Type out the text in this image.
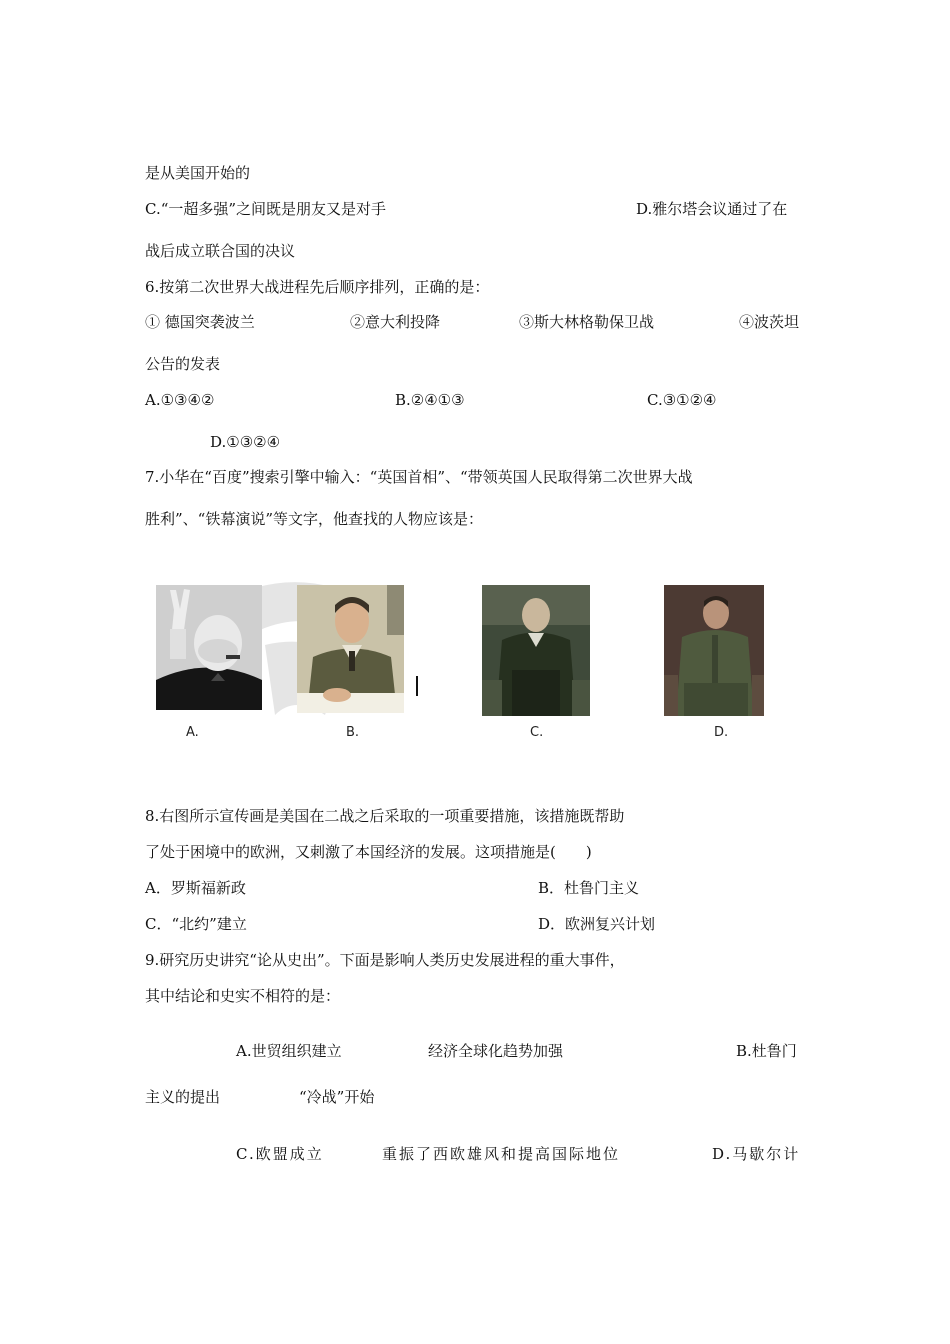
是从美国开始的
C.“一超多强”之间既是朋友又是对手	D.雅尔塔会议通过了在
战后成立联合国的决议
6.按第二次世界大战进程先后顺序排列，正确的是：
① 德国突袭波兰	②意大利投降	③斯大林格勒保卫战	④波茨坦
公告的发表
A.①③④②	B.②④①③	C.③①②④
D.①③②④
7.小华在“百度”搜索引擎中输入：“英国首相”、“带领英国人民取得第二次世界大战
胜利”、“铁幕演说”等文字，他查找的人物应该是：
A.	B.	C.	D.
8.右图所示宣传画是美国在二战之后采取的一项重要措施，该措施既帮助
了处于困境中的欧洲，又刺激了本国经济的发展。这项措施是(　　)
A．罗斯福新政	B．杜鲁门主义
C．“北约”建立	D．欧洲复兴计划
9.研究历史讲究“论从史出”。下面是影响人类历史发展进程的重大事件，
其中结论和史实不相符的是：
A.世贸组织建立	经济全球化趋势加强	B.杜鲁门
主义的提出	“冷战”开始
C.欧盟成立	重振了西欧雄风和提高国际地位	D.马歇尔计
